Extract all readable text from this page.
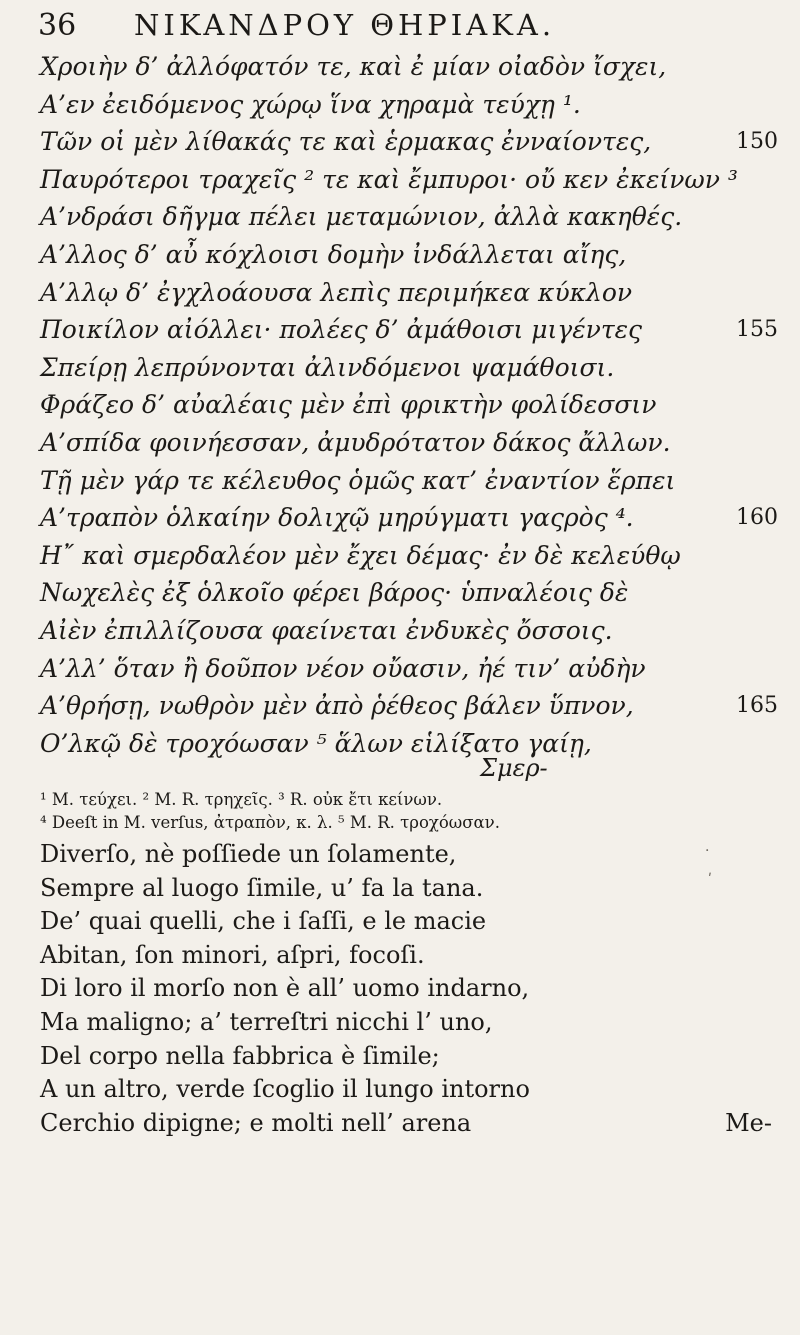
36 NIKANΔΡΟΥ ΘΗΡΙΑΚΑ.
Χροιὴν δ’ ἀλλόφατόν τε, καὶ ἐ μίαν οἰαδὸν ἴσχει,
Α’εν ἐειδόμενος χώρῳ ἵνα χηραμὰ τεύχῃ ¹.
Τῶν οἱ μὲν λίθακάς τε καὶ ἑρμακας ἐνναίοντες,	150
Παυρότεροι τραχεῖς ² τε καὶ ἔμπυροι· οὔ κεν ἐκείνων ³
Α’νδράσι δῆγμα πέλει μεταμώνιον, ἀλλὰ κακηθές.
Α’λλος δ’ αὖ κόχλοισι δομὴν ἰνδάλλεται αἴης,
Α’λλῳ δ’ ἐγχλοάουσα λεπὶς περιμήκεα κύκλον
Ποικίλον αἰόλλει· πολέες δ’ ἀμάθοισι μιγέντες	155
Σπείρῃ λεπρύνονται ἀλινδόμενοι ψαμάθοισι.
Φράζεο δ’ αὐαλέαις μὲν ἐπὶ φρικτὴν φολίδεσσιν
Α’σπίδα φοινήεσσαν, ἀμυδρότατον δάκος ἄλλων.
Τῇ μὲν γάρ τε κέλευθος ὁμῶς κατ’ ἐναντίον ἕρπει
Α’τραπὸν ὁλκαίην δολιχῷ μηρύγματι γαςρὸς ⁴.	160
Η῎ καὶ σμερδαλέον μὲν ἔχει δέμας· ἐν δὲ κελεύθῳ
Νωχελὲς ἐξ ὁλκοῖο φέρει βάρος· ὑπναλέοις δὲ
Αἰὲν ἐπιλλίζουσα φαείνεται ἐνδυκὲς ὄσσοις.
Α’λλ’ ὅταν ἢ δοῦπον νέον οὔασιν, ἠέ τιν’ αὐδὴν
Α’θρήσῃ, νωθρὸν μὲν ἀπὸ ῥέθεος βάλεν ὕπνον,	165
Ο’λκῷ δὲ τροχόωσαν ⁵ ἅλων εἱλίξατο γαίῃ,
Σμερ-
¹ M. τεύχει. ² M. R. τρηχεῖς. ³ R. οὐκ ἔτι κείνων.
⁴ Deeſt in M. verſus, ἀτραπὸν, κ. λ. ⁵ M. R. τροχόωσαν.
Diverſo, nè poſſiede un ſolamente,
Sempre al luogo ſimile, u’ fa la tana.
De’ quai quelli, che i ſaſſi, e le macie
Abitan, ſon minori, aſpri, focoſi.
Di loro il morſo non è all’ uomo indarno,
Ma maligno; a’ terreſtri nicchi l’ uno,
Del corpo nella fabbrica è ſimile;
A un altro, verde ſcoglio il lungo intorno
Cerchio dipigne; e molti nell’ arena	Me-
·
ʹ
